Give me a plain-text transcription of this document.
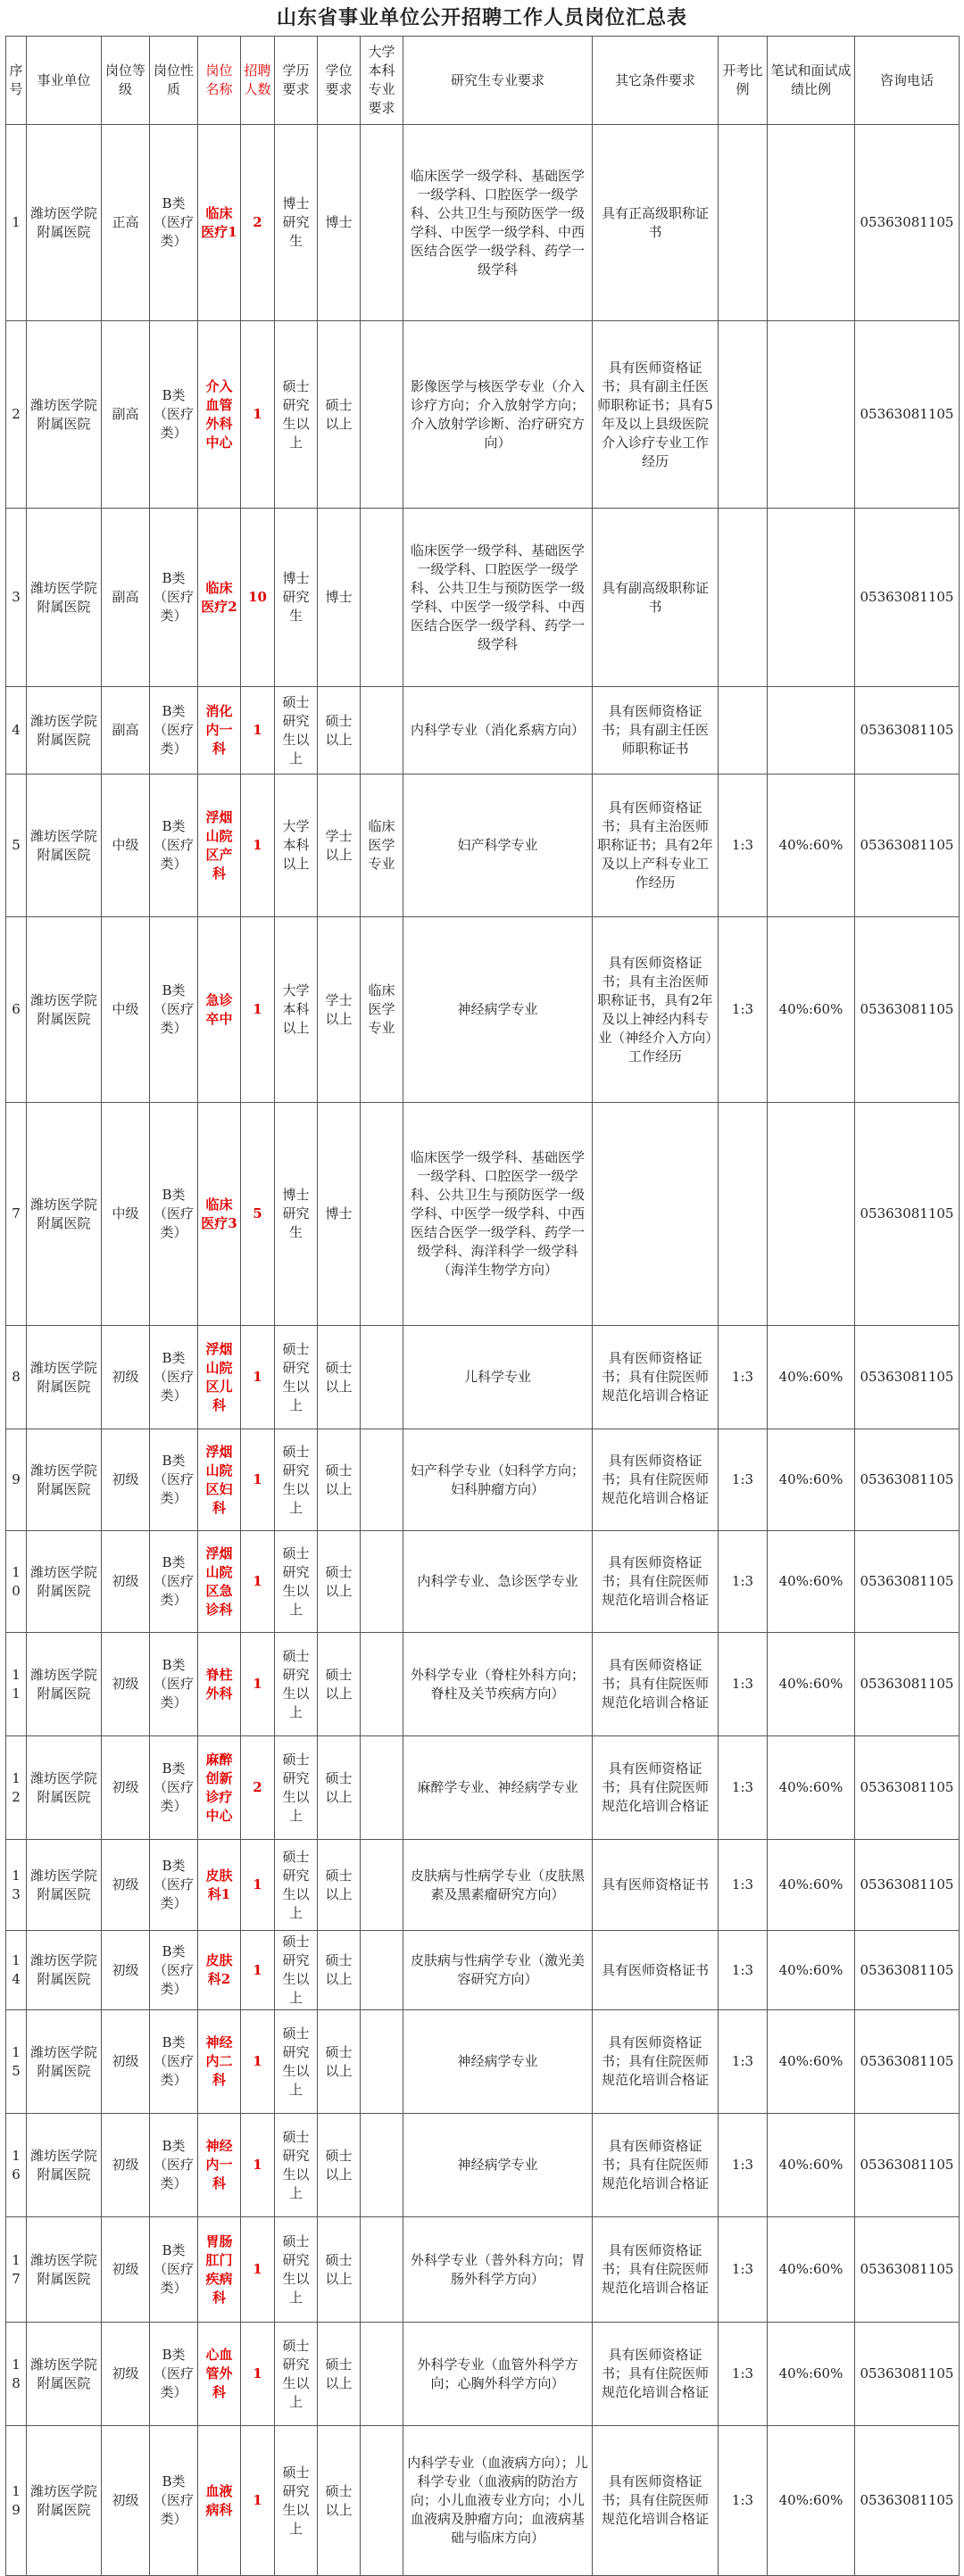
山东省事业单位公开招聘工作人员岗位汇总表
序号	事业单位	岗位等级	岗位性质	岗位名称	招聘人数	学历要求	学位要求	大学本科专业要求	研究生专业要求	其它条件要求	开考比例	笔试和面试成绩比例	咨询电话
1	潍坊医学院附属医院	正高	B类（医疗类）	临床医疗1	2	博士研究生	博士		临床医学一级学科、基础医学一级学科、口腔医学一级学科、公共卫生与预防医学一级学科、中医学一级学科、中西医结合医学一级学科、药学一级学科	具有正高级职称证书			05363081105
2	潍坊医学院附属医院	副高	B类（医疗类）	介入血管外科中心	1	硕士研究生以上	硕士以上		影像医学与核医学专业（介入诊疗方向；介入放射学方向；介入放射学诊断、治疗研究方向）	具有医师资格证书；具有副主任医师职称证书；具有5年及以上县级医院介入诊疗专业工作经历			05363081105
3	潍坊医学院附属医院	副高	B类（医疗类）	临床医疗2	10	博士研究生	博士		临床医学一级学科、基础医学一级学科、口腔医学一级学科、公共卫生与预防医学一级学科、中医学一级学科、中西医结合医学一级学科、药学一级学科	具有副高级职称证书			05363081105
4	潍坊医学院附属医院	副高	B类（医疗类）	消化内一科	1	硕士研究生以上	硕士以上		内科学专业（消化系病方向）	具有医师资格证书；具有副主任医师职称证书			05363081105
5	潍坊医学院附属医院	中级	B类（医疗类）	浮烟山院区产科	1	大学本科以上	学士以上	临床医学专业	妇产科学专业	具有医师资格证书；具有主治医师职称证书；具有2年及以上产科专业工作经历	1:3	40%:60%	05363081105
6	潍坊医学院附属医院	中级	B类（医疗类）	急诊卒中	1	大学本科以上	学士以上	临床医学专业	神经病学专业	具有医师资格证书；具有主治医师职称证书，具有2年及以上神经内科专业（神经介入方向）工作经历	1:3	40%:60%	05363081105
7	潍坊医学院附属医院	中级	B类（医疗类）	临床医疗3	5	博士研究生	博士		临床医学一级学科、基础医学一级学科、口腔医学一级学科、公共卫生与预防医学一级学科、中医学一级学科、中西医结合医学一级学科、药学一级学科、海洋科学一级学科（海洋生物学方向）				05363081105
8	潍坊医学院附属医院	初级	B类（医疗类）	浮烟山院区儿科	1	硕士研究生以上	硕士以上		儿科学专业	具有医师资格证书；具有住院医师规范化培训合格证	1:3	40%:60%	05363081105
9	潍坊医学院附属医院	初级	B类（医疗类）	浮烟山院区妇科	1	硕士研究生以上	硕士以上		妇产科学专业（妇科学方向；妇科肿瘤方向）	具有医师资格证书；具有住院医师规范化培训合格证	1:3	40%:60%	05363081105
10	潍坊医学院附属医院	初级	B类（医疗类）	浮烟山院区急诊科	1	硕士研究生以上	硕士以上		内科学专业、急诊医学专业	具有医师资格证书；具有住院医师规范化培训合格证	1:3	40%:60%	05363081105
11	潍坊医学院附属医院	初级	B类（医疗类）	脊柱外科	1	硕士研究生以上	硕士以上		外科学专业（脊柱外科方向；脊柱及关节疾病方向）	具有医师资格证书；具有住院医师规范化培训合格证	1:3	40%:60%	05363081105
12	潍坊医学院附属医院	初级	B类（医疗类）	麻醉创新诊疗中心	2	硕士研究生以上	硕士以上		麻醉学专业、神经病学专业	具有医师资格证书；具有住院医师规范化培训合格证	1:3	40%:60%	05363081105
13	潍坊医学院附属医院	初级	B类（医疗类）	皮肤科1	1	硕士研究生以上	硕士以上		皮肤病与性病学专业（皮肤黑素及黑素瘤研究方向）	具有医师资格证书	1:3	40%:60%	05363081105
14	潍坊医学院附属医院	初级	B类（医疗类）	皮肤科2	1	硕士研究生以上	硕士以上		皮肤病与性病学专业（激光美容研究方向）	具有医师资格证书	1:3	40%:60%	05363081105
15	潍坊医学院附属医院	初级	B类（医疗类）	神经内二科	1	硕士研究生以上	硕士以上		神经病学专业	具有医师资格证书；具有住院医师规范化培训合格证	1:3	40%:60%	05363081105
16	潍坊医学院附属医院	初级	B类（医疗类）	神经内一科	1	硕士研究生以上	硕士以上		神经病学专业	具有医师资格证书；具有住院医师规范化培训合格证	1:3	40%:60%	05363081105
17	潍坊医学院附属医院	初级	B类（医疗类）	胃肠肛门疾病科	1	硕士研究生以上	硕士以上		外科学专业（普外科方向；胃肠外科学方向）	具有医师资格证书；具有住院医师规范化培训合格证	1:3	40%:60%	05363081105
18	潍坊医学院附属医院	初级	B类（医疗类）	心血管外科	1	硕士研究生以上	硕士以上		外科学专业（血管外科学方向；心胸外科学方向）	具有医师资格证书；具有住院医师规范化培训合格证	1:3	40%:60%	05363081105
19	潍坊医学院附属医院	初级	B类（医疗类）	血液病科	1	硕士研究生以上	硕士以上		内科学专业（血液病方向）；儿科学专业（血液病的防治方向；小儿血液专业方向；小儿血液病及肿瘤方向；血液病基础与临床方向）	具有医师资格证书；具有住院医师规范化培训合格证	1:3	40%:60%	05363081105
